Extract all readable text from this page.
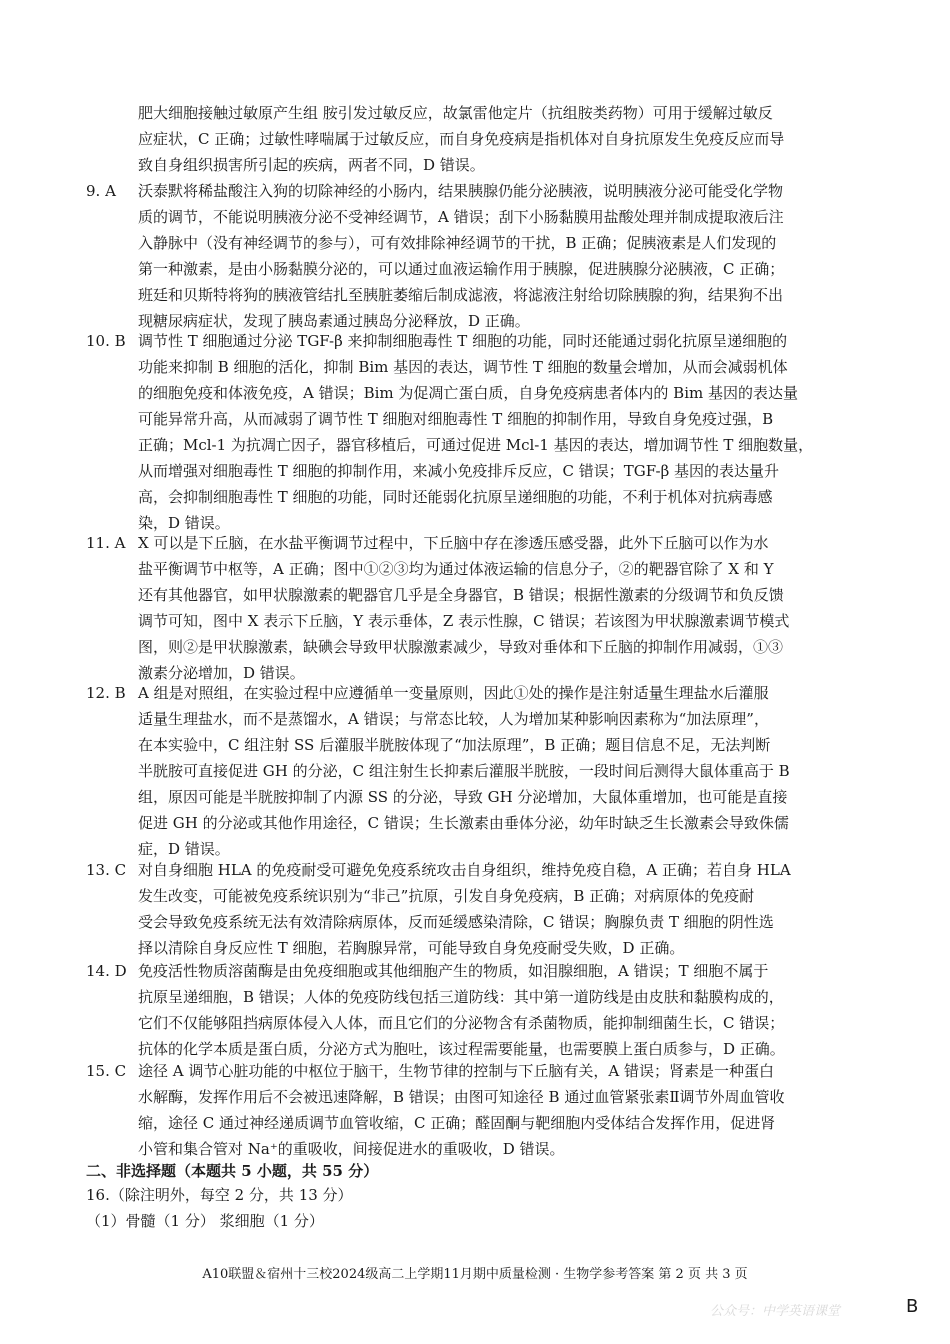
肥大细胞接触过敏原产生组 胺引发过敏反应，故氯雷他定片（抗组胺类药物）可用于缓解过敏反
应症状，C 正确；过敏性哮喘属于过敏反应，而自身免疫病是指机体对自身抗原发生免疫反应而导
致自身组织损害所引起的疾病，两者不同，D 错误。
9. A 沃泰默将稀盐酸注入狗的切除神经的小肠内，结果胰腺仍能分泌胰液，说明胰液分泌可能受化学物
质的调节，不能说明胰液分泌不受神经调节，A 错误；刮下小肠黏膜用盐酸处理并制成提取液后注
入静脉中（没有神经调节的参与），可有效排除神经调节的干扰，B 正确；促胰液素是人们发现的
第一种激素，是由小肠黏膜分泌的，可以通过血液运输作用于胰腺，促进胰腺分泌胰液，C 正确；
班廷和贝斯特将狗的胰液管结扎至胰脏萎缩后制成滤液，将滤液注射给切除胰腺的狗，结果狗不出
现糖尿病症状，发现了胰岛素通过胰岛分泌释放，D 正确。
10. B 调节性 T 细胞通过分泌 TGF-β 来抑制细胞毒性 T 细胞的功能，同时还能通过弱化抗原呈递细胞的
功能来抑制 B 细胞的活化，抑制 Bim 基因的表达，调节性 T 细胞的数量会增加，从而会减弱机体
的细胞免疫和体液免疫，A 错误；Bim 为促凋亡蛋白质，自身免疫病患者体内的 Bim 基因的表达量
可能异常升高，从而减弱了调节性 T 细胞对细胞毒性 T 细胞的抑制作用，导致自身免疫过强，B
正确；Mcl-1 为抗凋亡因子，器官移植后，可通过促进 Mcl-1 基因的表达，增加调节性 T 细胞数量，
从而增强对细胞毒性 T 细胞的抑制作用，来减小免疫排斥反应，C 错误；TGF-β 基因的表达量升
高，会抑制细胞毒性 T 细胞的功能，同时还能弱化抗原呈递细胞的功能，不利于机体对抗病毒感
染，D 错误。
11. A X 可以是下丘脑，在水盐平衡调节过程中，下丘脑中存在渗透压感受器，此外下丘脑可以作为水
盐平衡调节中枢等，A 正确；图中①②③均为通过体液运输的信息分子，②的靶器官除了 X 和 Y
还有其他器官，如甲状腺激素的靶器官几乎是全身器官，B 错误；根据性激素的分级调节和负反馈
调节可知，图中 X 表示下丘脑，Y 表示垂体，Z 表示性腺，C 错误；若该图为甲状腺激素调节模式
图，则②是甲状腺激素，缺碘会导致甲状腺激素减少，导致对垂体和下丘脑的抑制作用减弱，①③
激素分泌增加，D 错误。
12. B A 组是对照组，在实验过程中应遵循单一变量原则，因此①处的操作是注射适量生理盐水后灌服
适量生理盐水，而不是蒸馏水，A 错误；与常态比较，人为增加某种影响因素称为“加法原理”，
在本实验中，C 组注射 SS 后灌服半胱胺体现了“加法原理”，B 正确；题目信息不足，无法判断
半胱胺可直接促进 GH 的分泌，C 组注射生长抑素后灌服半胱胺，一段时间后测得大鼠体重高于 B
组，原因可能是半胱胺抑制了内源 SS 的分泌，导致 GH 分泌增加，大鼠体重增加，也可能是直接
促进 GH 的分泌或其他作用途径，C 错误；生长激素由垂体分泌，幼年时缺乏生长激素会导致侏儒
症，D 错误。
13. C 对自身细胞 HLA 的免疫耐受可避免免疫系统攻击自身组织，维持免疫自稳，A 正确；若自身 HLA
发生改变，可能被免疫系统识别为“非己”抗原，引发自身免疫病，B 正确；对病原体的免疫耐
受会导致免疫系统无法有效清除病原体，反而延缓感染清除，C 错误；胸腺负责 T 细胞的阴性选
择以清除自身反应性 T 细胞，若胸腺异常，可能导致自身免疫耐受失败，D 正确。
14. D 免疫活性物质溶菌酶是由免疫细胞或其他细胞产生的物质，如泪腺细胞，A 错误；T 细胞不属于
抗原呈递细胞，B 错误；人体的免疫防线包括三道防线：其中第一道防线是由皮肤和黏膜构成的，
它们不仅能够阻挡病原体侵入人体，而且它们的分泌物含有杀菌物质，能抑制细菌生长，C 错误；
抗体的化学本质是蛋白质，分泌方式为胞吐，该过程需要能量，也需要膜上蛋白质参与，D 正确。
15. C 途径 A 调节心脏功能的中枢位于脑干，生物节律的控制与下丘脑有关，A 错误；肾素是一种蛋白
水解酶，发挥作用后不会被迅速降解，B 错误；由图可知途径 B 通过血管紧张素Ⅱ调节外周血管收
缩，途径 C 通过神经递质调节血管收缩，C 正确；醛固酮与靶细胞内受体结合发挥作用，促进肾
小管和集合管对 Na⁺的重吸收，间接促进水的重吸收，D 错误。
二、非选择题（本题共 5 小题，共 55 分）
16.（除注明外，每空 2 分，共 13 分）
（1）骨髓（1 分） 浆细胞（1 分）
A10联盟＆宿州十三校2024级高二上学期11月期中质量检测 · 生物学参考答案 第 2 页 共 3 页
公众号：中学英语课堂	B
